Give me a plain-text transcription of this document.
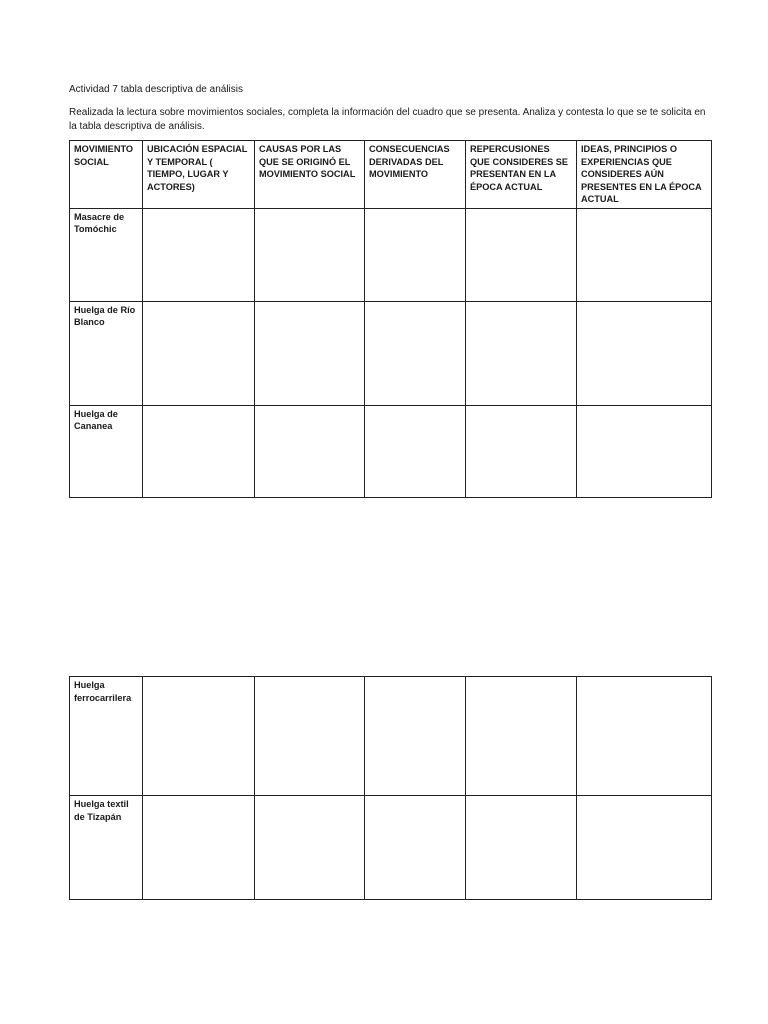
Actividad 7 tabla descriptiva de análisis
Realizada la lectura sobre movimientos sociales, completa la información del cuadro que se presenta. Analiza y contesta lo que se te solicita en la tabla descriptiva de análisis.
MOVIMIENTO SOCIAL	UBICACIÓN ESPACIAL Y TEMPORAL ( TIEMPO, LUGAR Y ACTORES)	CAUSAS POR LAS QUE SE ORIGINÓ EL MOVIMIENTO SOCIAL	CONSECUENCIAS DERIVADAS DEL MOVIMIENTO	REPERCUSIONES QUE CONSIDERES SE PRESENTAN EN LA ÉPOCA ACTUAL	IDEAS, PRINCIPIOS O EXPERIENCIAS QUE CONSIDERES AÚN PRESENTES EN LA ÉPOCA ACTUAL
Masacre de Tomóchic					
Huelga de Río Blanco					
Huelga de Cananea					
Huelga ferrocarrilera					
Huelga textil de Tizapán					
